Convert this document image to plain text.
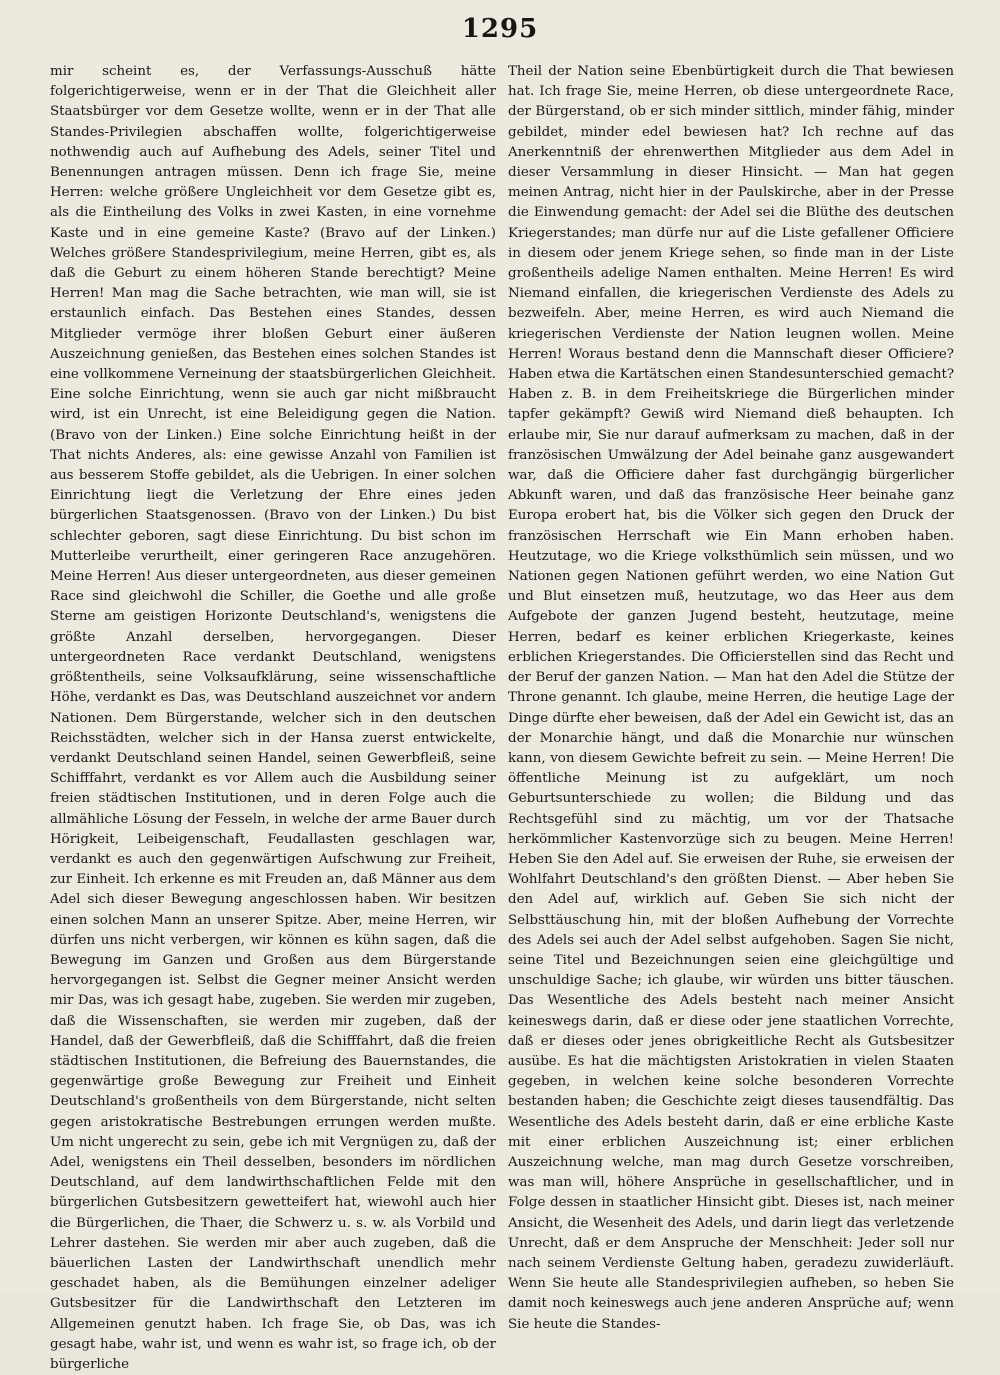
1295

mir scheint es, der Verfassungs-Ausschuß hätte folgerichtigerweise, wenn er in der That die Gleichheit aller Staatsbürger vor dem Gesetze wollte, wenn er in der That alle Standes-Privilegien abschaffen wollte, folgerichtigerweise nothwendig auch auf Aufhebung des Adels, seiner Titel und Benennungen antragen müssen. Denn ich frage Sie, meine Herren: welche größere Ungleichheit vor dem Gesetze gibt es, als die Eintheilung des Volks in zwei Kasten, in eine vornehme Kaste und in eine gemeine Kaste? (Bravo auf der Linken.) Welches größere Standesprivilegium, meine Herren, gibt es, als daß die Geburt zu einem höheren Stande berechtigt? Meine Herren! Man mag die Sache betrachten, wie man will, sie ist erstaunlich einfach. Das Bestehen eines Standes, dessen Mitglieder vermöge ihrer bloßen Geburt einer äußeren Auszeichnung genießen, das Bestehen eines solchen Standes ist eine vollkommene Verneinung der staatsbürgerlichen Gleichheit. Eine solche Einrichtung, wenn sie auch gar nicht mißbraucht wird, ist ein Unrecht, ist eine Beleidigung gegen die Nation. (Bravo von der Linken.) Eine solche Einrichtung heißt in der That nichts Anderes, als: eine gewisse Anzahl von Familien ist aus besserem Stoffe gebildet, als die Uebrigen. In einer solchen Einrichtung liegt die Verletzung der Ehre eines jeden bürgerlichen Staatsgenossen. (Bravo von der Linken.) Du bist schlechter geboren, sagt diese Einrichtung. Du bist schon im Mutterleibe verurtheilt, einer geringeren Race anzugehören. Meine Herren! Aus dieser untergeordneten, aus dieser gemeinen Race sind gleichwohl die Schiller, die Goethe und alle große Sterne am geistigen Horizonte Deutschland's, wenigstens die größte Anzahl derselben, hervorgegangen. Dieser untergeordneten Race verdankt Deutschland, wenigstens größtentheils, seine Volksaufklärung, seine wissenschaftliche Höhe, verdankt es Das, was Deutschland auszeichnet vor andern Nationen. Dem Bürgerstande, welcher sich in den deutschen Reichsstädten, welcher sich in der Hansa zuerst entwickelte, verdankt Deutschland seinen Handel, seinen Gewerbfleiß, seine Schifffahrt, verdankt es vor Allem auch die Ausbildung seiner freien städtischen Institutionen, und in deren Folge auch die allmähliche Lösung der Fesseln, in welche der arme Bauer durch Hörigkeit, Leibeigenschaft, Feudallasten geschlagen war, verdankt es auch den gegenwärtigen Aufschwung zur Freiheit, zur Einheit. Ich erkenne es mit Freuden an, daß Männer aus dem Adel sich dieser Bewegung angeschlossen haben. Wir besitzen einen solchen Mann an unserer Spitze. Aber, meine Herren, wir dürfen uns nicht verbergen, wir können es kühn sagen, daß die Bewegung im Ganzen und Großen aus dem Bürgerstande hervorgegangen ist. Selbst die Gegner meiner Ansicht werden mir Das, was ich gesagt habe, zugeben. Sie werden mir zugeben, daß die Wissenschaften, sie werden mir zugeben, daß der Handel, daß der Gewerbfleiß, daß die Schifffahrt, daß die freien städtischen Institutionen, die Befreiung des Bauernstandes, die gegenwärtige große Bewegung zur Freiheit und Einheit Deutschland's großentheils von dem Bürgerstande, nicht selten gegen aristokratische Bestrebungen errungen werden mußte. Um nicht ungerecht zu sein, gebe ich mit Vergnügen zu, daß der Adel, wenigstens ein Theil desselben, besonders im nördlichen Deutschland, auf dem landwirthschaftlichen Felde mit den bürgerlichen Gutsbesitzern gewetteifert hat, wiewohl auch hier die Bürgerlichen, die Thaer, die Schwerz u. s. w. als Vorbild und Lehrer dastehen. Sie werden mir aber auch zugeben, daß die bäuerlichen Lasten der Landwirthschaft unendlich mehr geschadet haben, als die Bemühungen einzelner adeliger Gutsbesitzer für die Landwirthschaft den Letzteren im Allgemeinen genutzt haben. Ich frage Sie, ob Das, was ich gesagt habe, wahr ist, und wenn es wahr ist, so frage ich, ob der bürgerliche

Theil der Nation seine Ebenbürtigkeit durch die That bewiesen hat. Ich frage Sie, meine Herren, ob diese untergeordnete Race, der Bürgerstand, ob er sich minder sittlich, minder fähig, minder gebildet, minder edel bewiesen hat? Ich rechne auf das Anerkenntniß der ehrenwerthen Mitglieder aus dem Adel in dieser Versammlung in dieser Hinsicht. — Man hat gegen meinen Antrag, nicht hier in der Paulskirche, aber in der Presse die Einwendung gemacht: der Adel sei die Blüthe des deutschen Kriegerstandes; man dürfe nur auf die Liste gefallener Officiere in diesem oder jenem Kriege sehen, so finde man in der Liste großentheils adelige Namen enthalten. Meine Herren! Es wird Niemand einfallen, die kriegerischen Verdienste des Adels zu bezweifeln. Aber, meine Herren, es wird auch Niemand die kriegerischen Verdienste der Nation leugnen wollen. Meine Herren! Woraus bestand denn die Mannschaft dieser Officiere? Haben etwa die Kartätschen einen Standesunterschied gemacht? Haben z. B. in dem Freiheitskriege die Bürgerlichen minder tapfer gekämpft? Gewiß wird Niemand dieß behaupten. Ich erlaube mir, Sie nur darauf aufmerksam zu machen, daß in der französischen Umwälzung der Adel beinahe ganz ausgewandert war, daß die Officiere daher fast durchgängig bürgerlicher Abkunft waren, und daß das französische Heer beinahe ganz Europa erobert hat, bis die Völker sich gegen den Druck der französischen Herrschaft wie Ein Mann erhoben haben. Heutzutage, wo die Kriege volksthümlich sein müssen, und wo Nationen gegen Nationen geführt werden, wo eine Nation Gut und Blut einsetzen muß, heutzutage, wo das Heer aus dem Aufgebote der ganzen Jugend besteht, heutzutage, meine Herren, bedarf es keiner erblichen Kriegerkaste, keines erblichen Kriegerstandes. Die Officierstellen sind das Recht und der Beruf der ganzen Nation. — Man hat den Adel die Stütze der Throne genannt. Ich glaube, meine Herren, die heutige Lage der Dinge dürfte eher beweisen, daß der Adel ein Gewicht ist, das an der Monarchie hängt, und daß die Monarchie nur wünschen kann, von diesem Gewichte befreit zu sein. — Meine Herren! Die öffentliche Meinung ist zu aufgeklärt, um noch Geburtsunterschiede zu wollen; die Bildung und das Rechtsgefühl sind zu mächtig, um vor der Thatsache herkömmlicher Kastenvorzüge sich zu beugen. Meine Herren! Heben Sie den Adel auf. Sie erweisen der Ruhe, sie erweisen der Wohlfahrt Deutschland's den größten Dienst. — Aber heben Sie den Adel auf, wirklich auf. Geben Sie sich nicht der Selbsttäuschung hin, mit der bloßen Aufhebung der Vorrechte des Adels sei auch der Adel selbst aufgehoben. Sagen Sie nicht, seine Titel und Bezeichnungen seien eine gleichgültige und unschuldige Sache; ich glaube, wir würden uns bitter täuschen. Das Wesentliche des Adels besteht nach meiner Ansicht keineswegs darin, daß er diese oder jene staatlichen Vorrechte, daß er dieses oder jenes obrigkeitliche Recht als Gutsbesitzer ausübe. Es hat die mächtigsten Aristokratien in vielen Staaten gegeben, in welchen keine solche besonderen Vorrechte bestanden haben; die Geschichte zeigt dieses tausendfältig. Das Wesentliche des Adels besteht darin, daß er eine erbliche Kaste mit einer erblichen Auszeichnung ist; einer erblichen Auszeichnung welche, man mag durch Gesetze vorschreiben, was man will, höhere Ansprüche in gesellschaftlicher, und in Folge dessen in staatlicher Hinsicht gibt. Dieses ist, nach meiner Ansicht, die Wesenheit des Adels, und darin liegt das verletzende Unrecht, daß er dem Anspruche der Menschheit: Jeder soll nur nach seinem Verdienste Geltung haben, geradezu zuwiderläuft. Wenn Sie heute alle Standesprivilegien aufheben, so heben Sie damit noch keineswegs auch jene anderen Ansprüche auf; wenn Sie heute die Standes-
